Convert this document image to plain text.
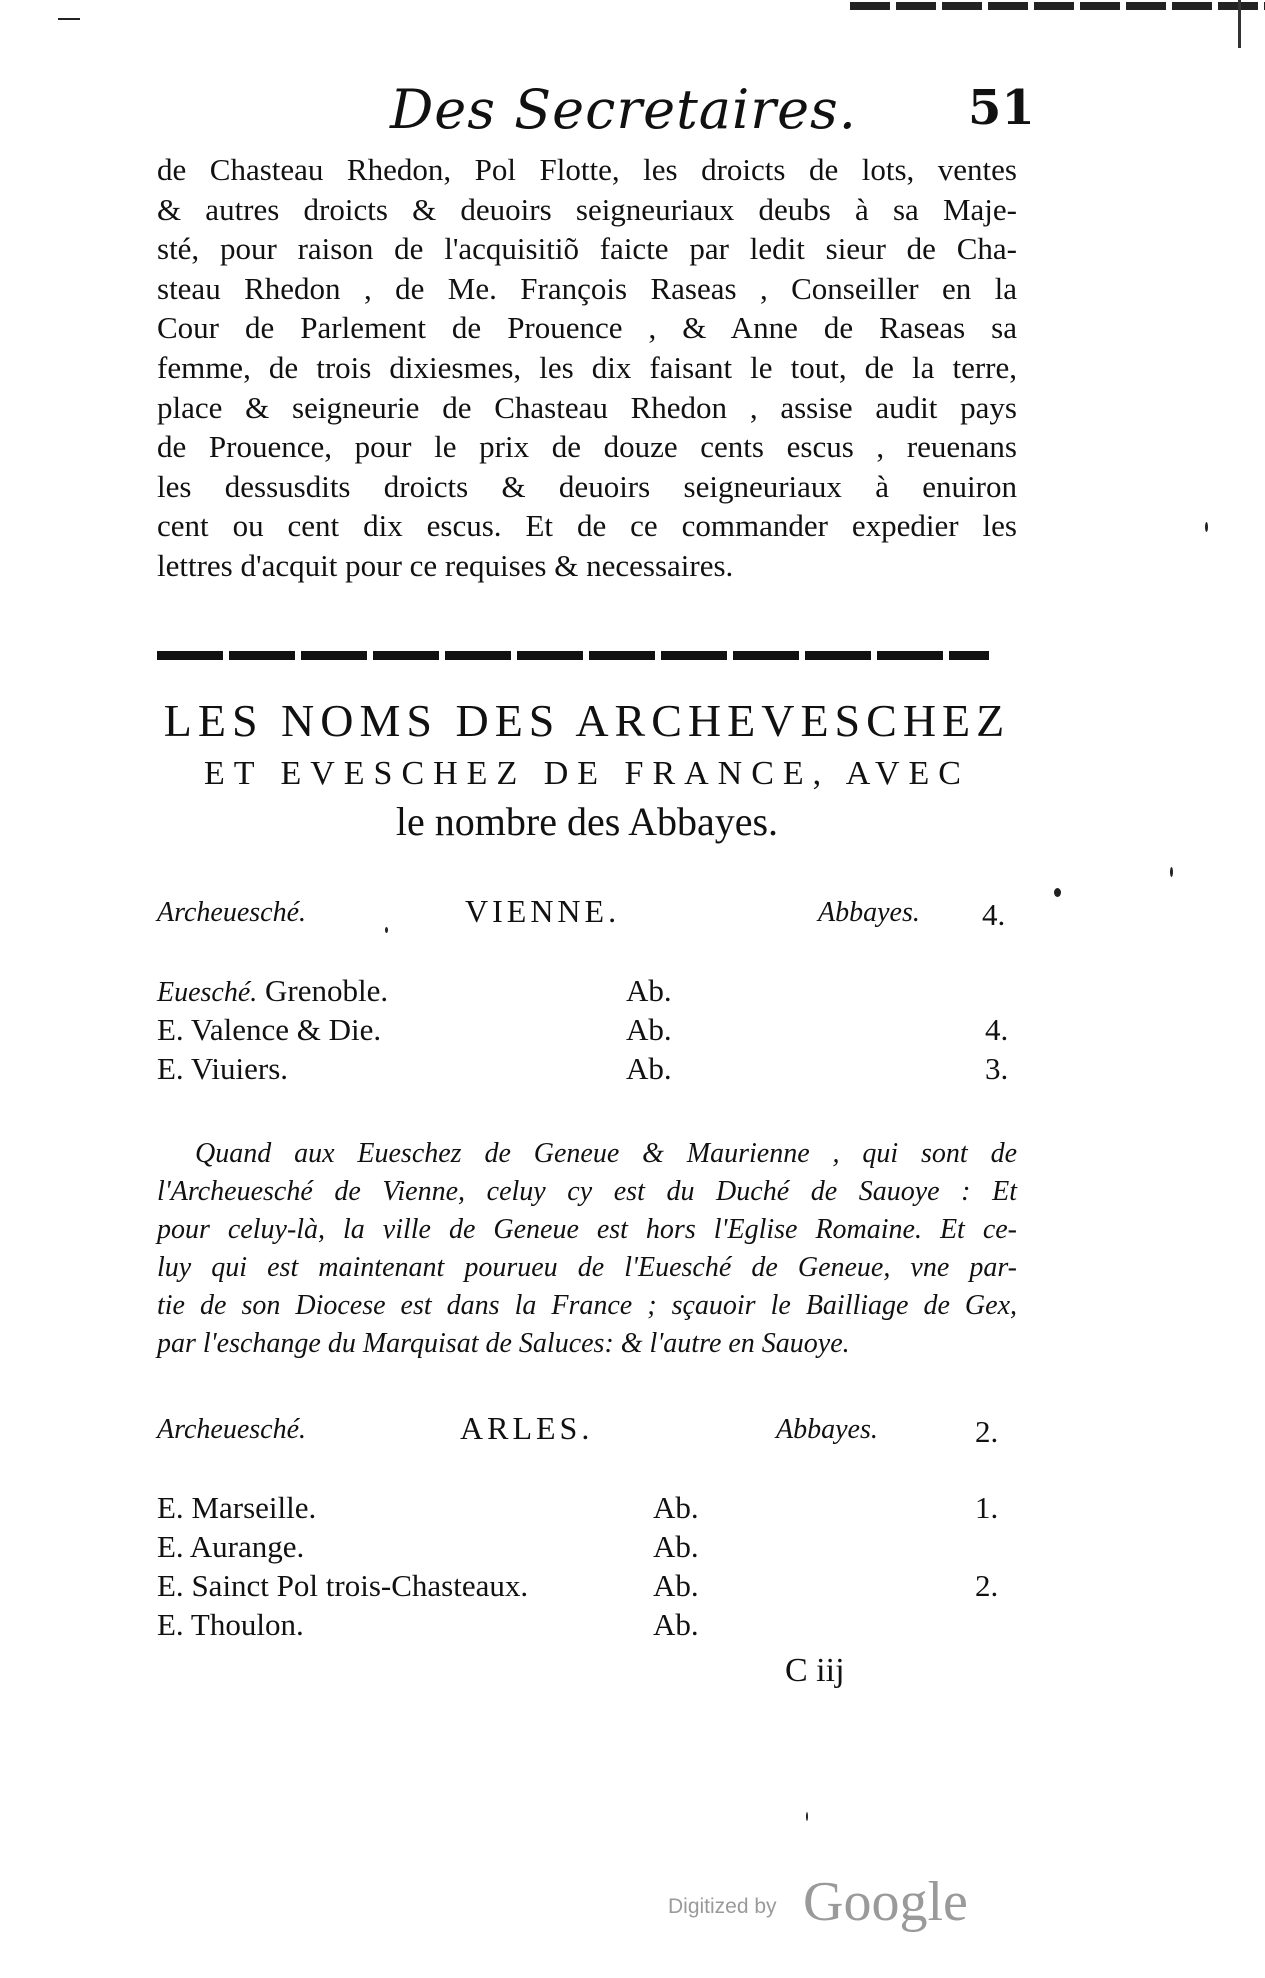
Des Secretaires. 51
de Chasteau Rhedon, Pol Flotte, les droicts de lots, ventes
& autres droicts & deuoirs seigneuriaux deubs à sa Maje-
sté, pour raison de l'acquisitiõ faicte par ledit sieur de Cha-
steau Rhedon , de Me. François Raseas , Conseiller en la
Cour de Parlement de Prouence , & Anne de Raseas sa
femme, de trois dixiesmes, les dix faisant le tout, de la terre,
place & seigneurie de Chasteau Rhedon , assise audit pays
de Prouence, pour le prix de douze cents escus , reuenans
les dessusdits droicts & deuoirs seigneuriaux à enuiron
cent ou cent dix escus. Et de ce commander expedier les
lettres d'acquit pour ce requises & necessaires.
LES NOMS DES ARCHEVESCHEZ
ET EVESCHEZ DE FRANCE, AVEC
le nombre des Abbayes.
Archeuesché.	VIENNE.	Abbayes. 4.
Euesché. Grenoble.	Ab.
E. Valence & Die.	Ab.	4.
E. Viuiers.	Ab.	3.
Quand aux Eueschez de Geneue & Maurienne , qui sont de
l'Archeuesché de Vienne, celuy cy est du Duché de Sauoye : Et
pour celuy-là, la ville de Geneue est hors l'Eglise Romaine. Et ce-
luy qui est maintenant pourueu de l'Euesché de Geneue, vne par-
tie de son Diocese est dans la France ; sçauoir le Bailliage de Gex,
par l'eschange du Marquisat de Saluces: & l'autre en Sauoye.
Archeuesché.	ARLES.	Abbayes.	2.
E. Marseille.	Ab.	1.
E. Aurange.	Ab.
E. Sainct Pol trois-Chasteaux.	Ab.	2.
E. Thoulon.	Ab.
C iij
Digitized by Google
